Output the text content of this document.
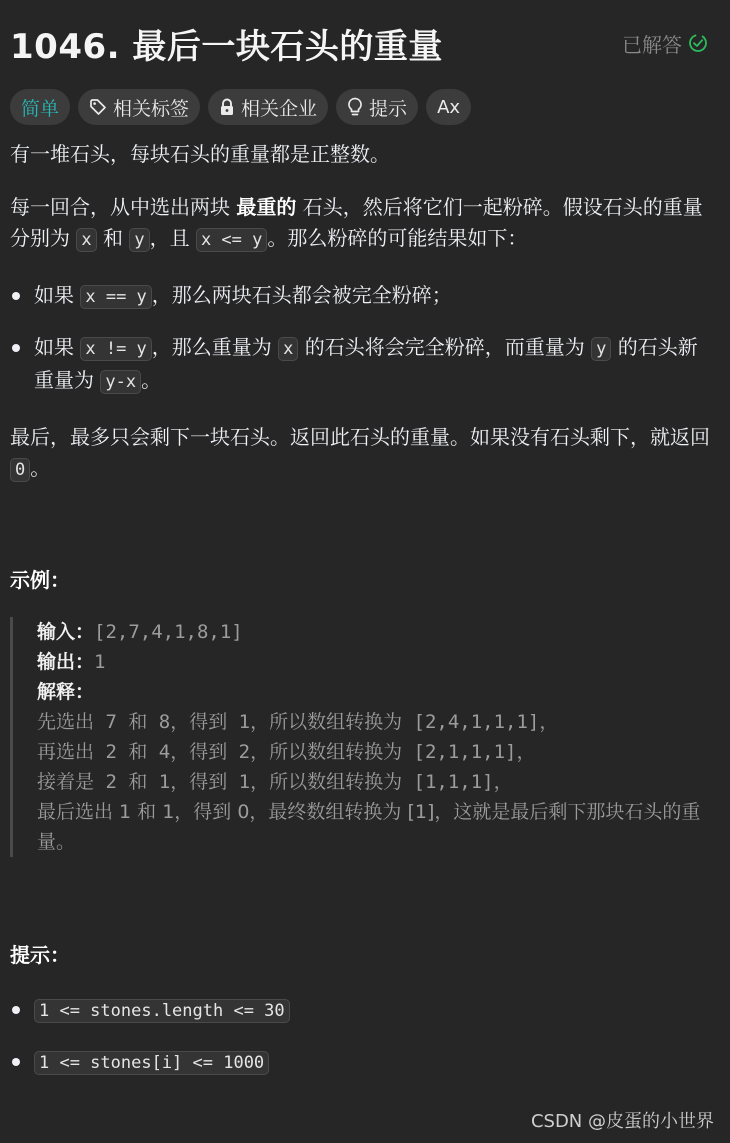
1046. 最后一块石头的重量	已解答
简单	相关标签	相关企业	提示 Ax

有一堆石头，每块石头的重量都是正整数。

每一回合，从中选出两块 最重的 石头，然后将它们一起粉碎。假设石头的重量分别为 x 和 y ，且 x <= y 。那么粉碎的可能结果如下：

如果 x == y ，那么两块石头都会被完全粉碎；
如果 x != y ，那么重量为 x 的石头将会完全粉碎，而重量为 y 的石头新重量为 y-x 。

最后，最多只会剩下一块石头。返回此石头的重量。如果没有石头剩下，就返回 0 。

示例：

输入：[2,7,4,1,8,1]
输出：1
解释：
先选出 7 和 8，得到 1，所以数组转换为 [2,4,1,1,1]，
再选出 2 和 4，得到 2，所以数组转换为 [2,1,1,1]，
接着是 2 和 1，得到 1，所以数组转换为 [1,1,1]，
最后选出 1 和 1，得到 0，最终数组转换为 [1]，这就是最后剩下那块石头的重量。

提示：

1 <= stones.length <= 30
1 <= stones[i] <= 1000
CSDN @皮蛋的小世界
